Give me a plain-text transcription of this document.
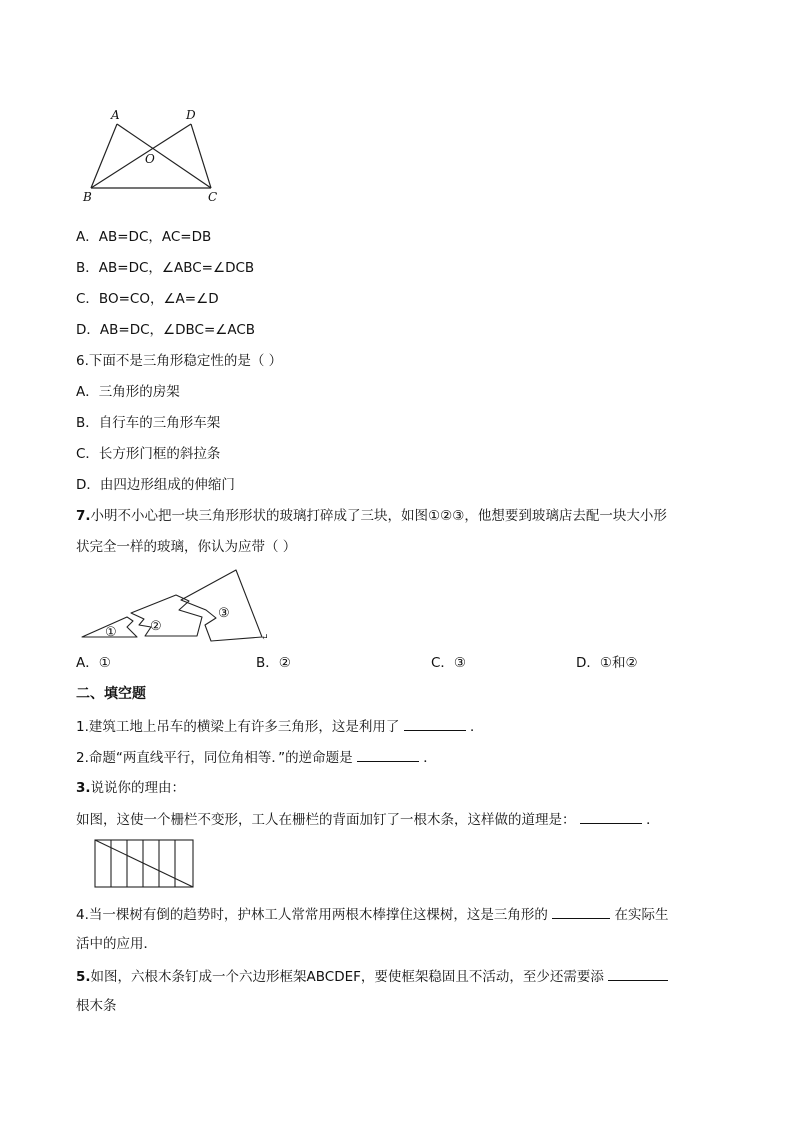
A	D
O
B	C
A．AB=DC，AC=DB
B．AB=DC，∠ABC=∠DCB
C．BO=CO，∠A=∠D
D．AB=DC，∠DBC=∠ACB
6.下面不是三角形稳定性的是（ ）
A．三角形的房架
B．自行车的三角形车架
C．长方形门框的斜拉条
D．由四边形组成的伸缩门
7.小明不小心把一块三角形形状的玻璃打碎成了三块，如图①②③，他想要到玻璃店去配一块大小形
状完全一样的玻璃，你认为应带（ ）
①	②
③
↵
A．①	B．②	C．③	D．①和②
二、填空题
1.建筑工地上吊车的横梁上有许多三角形，这是利用了	．
2.命题“两直线平行，同位角相等．”的逆命题是	．
3.说说你的理由：
如图，这使一个栅栏不变形，工人在栅栏的背面加钉了一根木条，这样做的道理是：	．
4.当一棵树有倒的趋势时，护林工人常常用两根木棒撑住这棵树，这是三角形的	在实际生
活中的应用．
5.如图，六根木条钉成一个六边形框架ABCDEF，要使框架稳固且不活动，至少还需要添
根木条
